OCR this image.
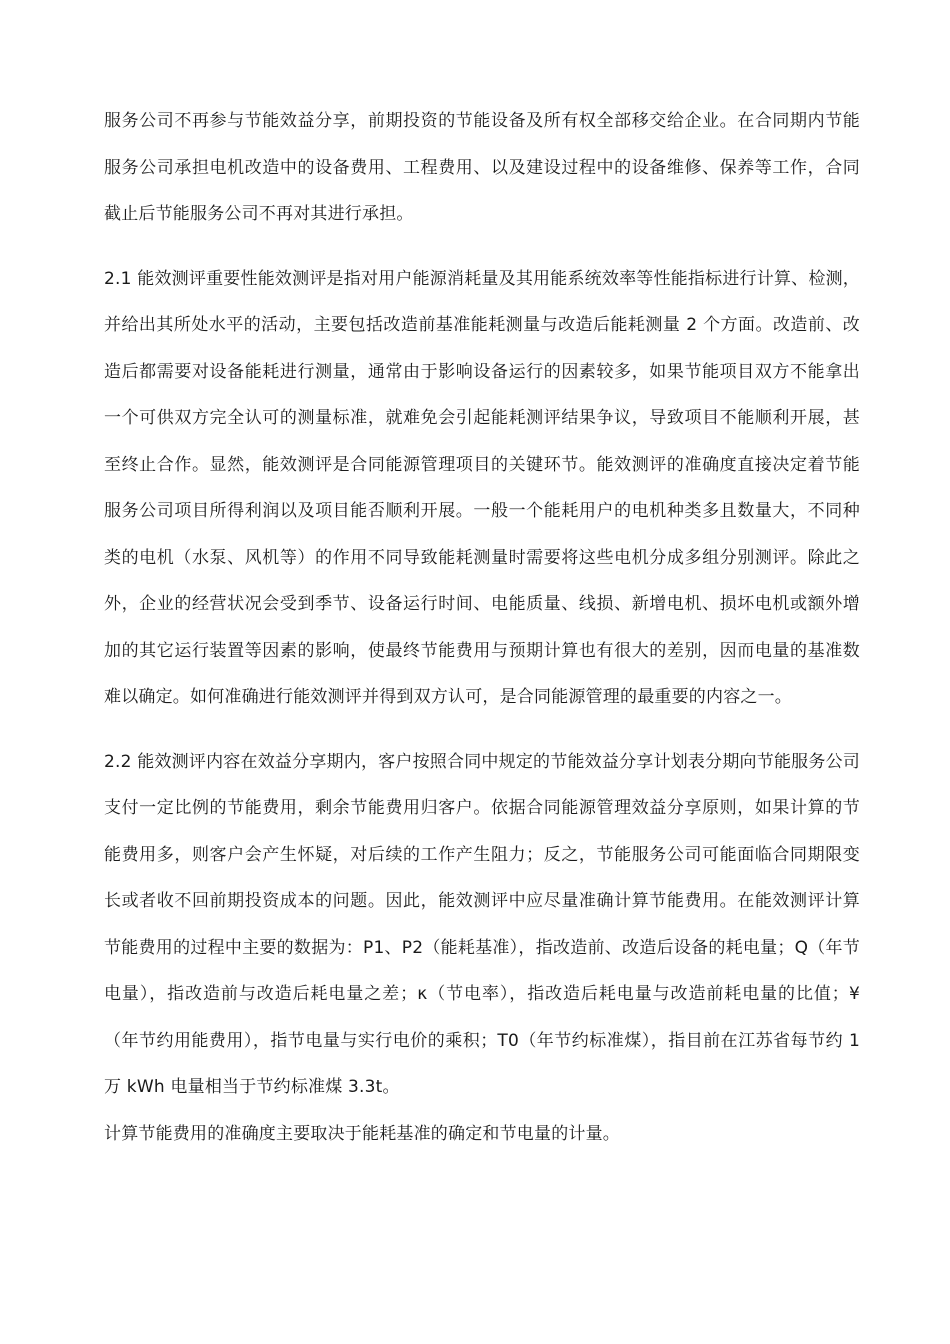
服务公司不再参与节能效益分享，前期投资的节能设备及所有权全部移交给企业。在合同期内节能服务公司承担电机改造中的设备费用、工程费用、以及建设过程中的设备维修、保养等工作，合同截止后节能服务公司不再对其进行承担。

2.1 能效测评重要性能效测评是指对用户能源消耗量及其用能系统效率等性能指标进行计算、检测，并给出其所处水平的活动，主要包括改造前基准能耗测量与改造后能耗测量 2 个方面。改造前、改造后都需要对设备能耗进行测量，通常由于影响设备运行的因素较多，如果节能项目双方不能拿出一个可供双方完全认可的测量标准，就难免会引起能耗测评结果争议，导致项目不能顺利开展，甚至终止合作。显然，能效测评是合同能源管理项目的关键环节。能效测评的准确度直接决定着节能服务公司项目所得利润以及项目能否顺利开展。一般一个能耗用户的电机种类多且数量大，不同种类的电机（水泵、风机等）的作用不同导致能耗测量时需要将这些电机分成多组分别测评。除此之外，企业的经营状况会受到季节、设备运行时间、电能质量、线损、新增电机、损坏电机或额外增加的其它运行装置等因素的影响，使最终节能费用与预期计算也有很大的差别，因而电量的基准数难以确定。如何准确进行能效测评并得到双方认可，是合同能源管理的最重要的内容之一。

2.2 能效测评内容在效益分享期内，客户按照合同中规定的节能效益分享计划表分期向节能服务公司支付一定比例的节能费用，剩余节能费用归客户。依据合同能源管理效益分享原则，如果计算的节能费用多，则客户会产生怀疑，对后续的工作产生阻力；反之，节能服务公司可能面临合同期限变长或者收不回前期投资成本的问题。因此，能效测评中应尽量准确计算节能费用。在能效测评计算节能费用的过程中主要的数据为：P1、P2（能耗基准），指改造前、改造后设备的耗电量；Q（年节电量），指改造前与改造后耗电量之差；κ（节电率），指改造后耗电量与改造前耗电量的比值；¥（年节约用能费用），指节电量与实行电价的乘积；T0（年节约标准煤），指目前在江苏省每节约 1 万 kWh 电量相当于节约标准煤 3.3t。

计算节能费用的准确度主要取决于能耗基准的确定和节电量的计量。
